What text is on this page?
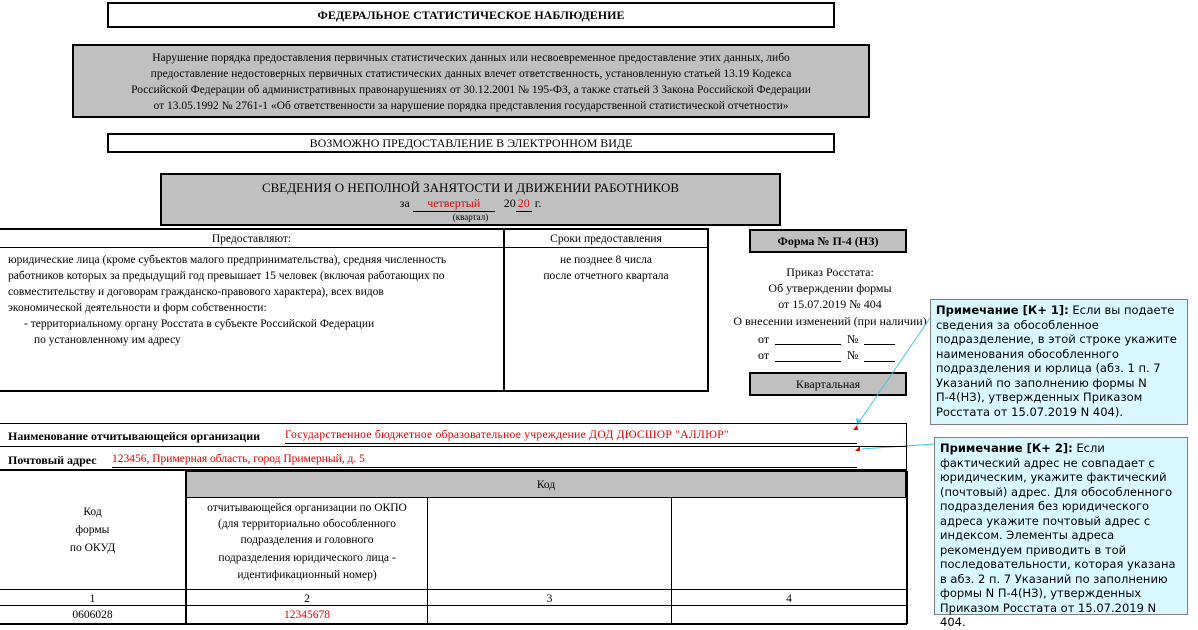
ФЕДЕРАЛЬНОЕ СТАТИСТИЧЕСКОЕ НАБЛЮДЕНИЕ
Нарушение порядка предоставления первичных статистических данных или несвоевременное предоставление этих данных, либо
предоставление недостоверных первичных статистических данных влечет ответственность, установленную статьей 13.19 Кодекса
Российской Федерации об административных правонарушениях от 30.12.2001 № 195-ФЗ, а также статьей 3 Закона Российской Федерации
от 13.05.1992 № 2761-1 «Об ответственности за нарушение порядка представления государственной статистической отчетности»
ВОЗМОЖНО ПРЕДОСТАВЛЕНИЕ В ЭЛЕКТРОННОМ ВИДЕ
СВЕДЕНИЯ О НЕПОЛНОЙ ЗАНЯТОСТИ И ДВИЖЕНИИ РАБОТНИКОВ
за четвертый 20 20 г.
(квартал)
Предоставляют:	Сроки предоставления
юридические лица (кроме субъектов малого предпринимательства), средняя численность
работников которых за предыдущий год превышает 15 человек (включая работающих по
совместительству и договорам гражданско-правового характера), всех видов
экономической деятельности и форм собственности:
- территориальному органу Росстата в субъекте Российской Федерации
по установленному им адресу
не позднее 8 числа
после отчетного квартала
Форма № П-4 (НЗ)
Приказ Росстата:
Об утверждении формы
от 15.07.2019 № 404
О внесении изменений (при наличии)
от	№
от	№
Квартальная
Примечание [К+ 1]: Если вы подаете сведения за обособленное подразделение, в этой строке укажите наименования обособленного подразделения и юрлица (абз. 1 п. 7 Указаний по заполнению формы N П-4(НЗ), утвержденных Приказом Росстата от 15.07.2019 N 404).
Примечание [К+ 2]: Если фактический адрес не совпадает с юридическим, укажите фактический (почтовый) адрес. Для обособленного подразделения без юридического адреса укажите почтовый адрес с индексом. Элементы адреса рекомендуем приводить в той последовательности, которая указана в абз. 2 п. 7 Указаний по заполнению формы N П-4(НЗ), утвержденных Приказом Росстата от 15.07.2019 N 404.
Наименование отчитывающейся организации Государственное бюджетное образовательное учреждение ДОД ДЮСШОР "АЛЛЮР"
Почтовый адрес 123456, Примерная область, город Примерный, д. 5
Код
Код
формы
по ОКУД
отчитывающейся организации по ОКПО
(для территориально обособленного
подразделения и головного
подразделения юридического лица -
идентификационный номер)
1	2	3	4
0606028	12345678
